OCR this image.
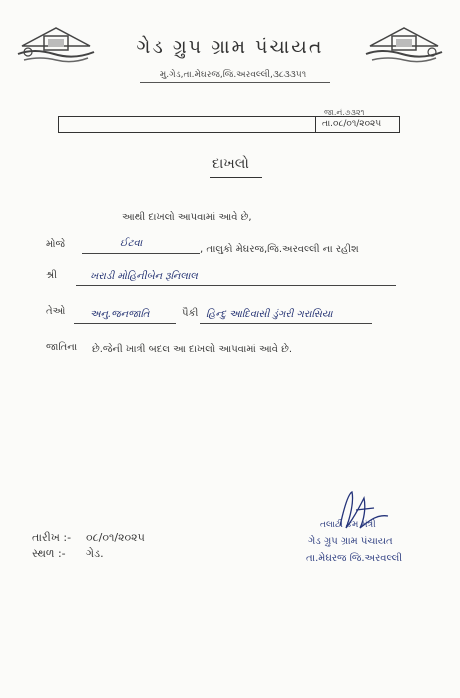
ગેડ ગ્રુપ ગ્રામ પંચાયત
મુ.ગેડ,તા.મેઘરજ,જિ.અરવલ્લી,૩૮૩૩૫૧
જા.નં.૭૩૨૧
તા.૦૮/૦૧/૨૦૨૫
દાખલો
આથી દાખલો આપવામાં આવે છે,
મોજે	ઈટવા
, તાલુકો મેઘરજ,જિ.અરવલ્લી ના રહીશ
શ્રી	ખરાડી મોહિનીબેન રૂનિલાલ
તેઓ અનુ.જનજાતિ	પૈકી હિન્દુ આદિવાસી ડુંગરી ગરાસિયા
જાતિના છે.જેની ખાત્રી બદલ આ દાખલો આપવામાં આવે છે.
તારીખ :- ૦૮/૦૧/૨૦૨૫
સ્થળ :- ગેડ.
તલાટી કમ મંત્રી
ગેડ ગ્રુપ ગ્રામ પંચાયત
તા.મેઘરજ જિ.અરવલ્લી
